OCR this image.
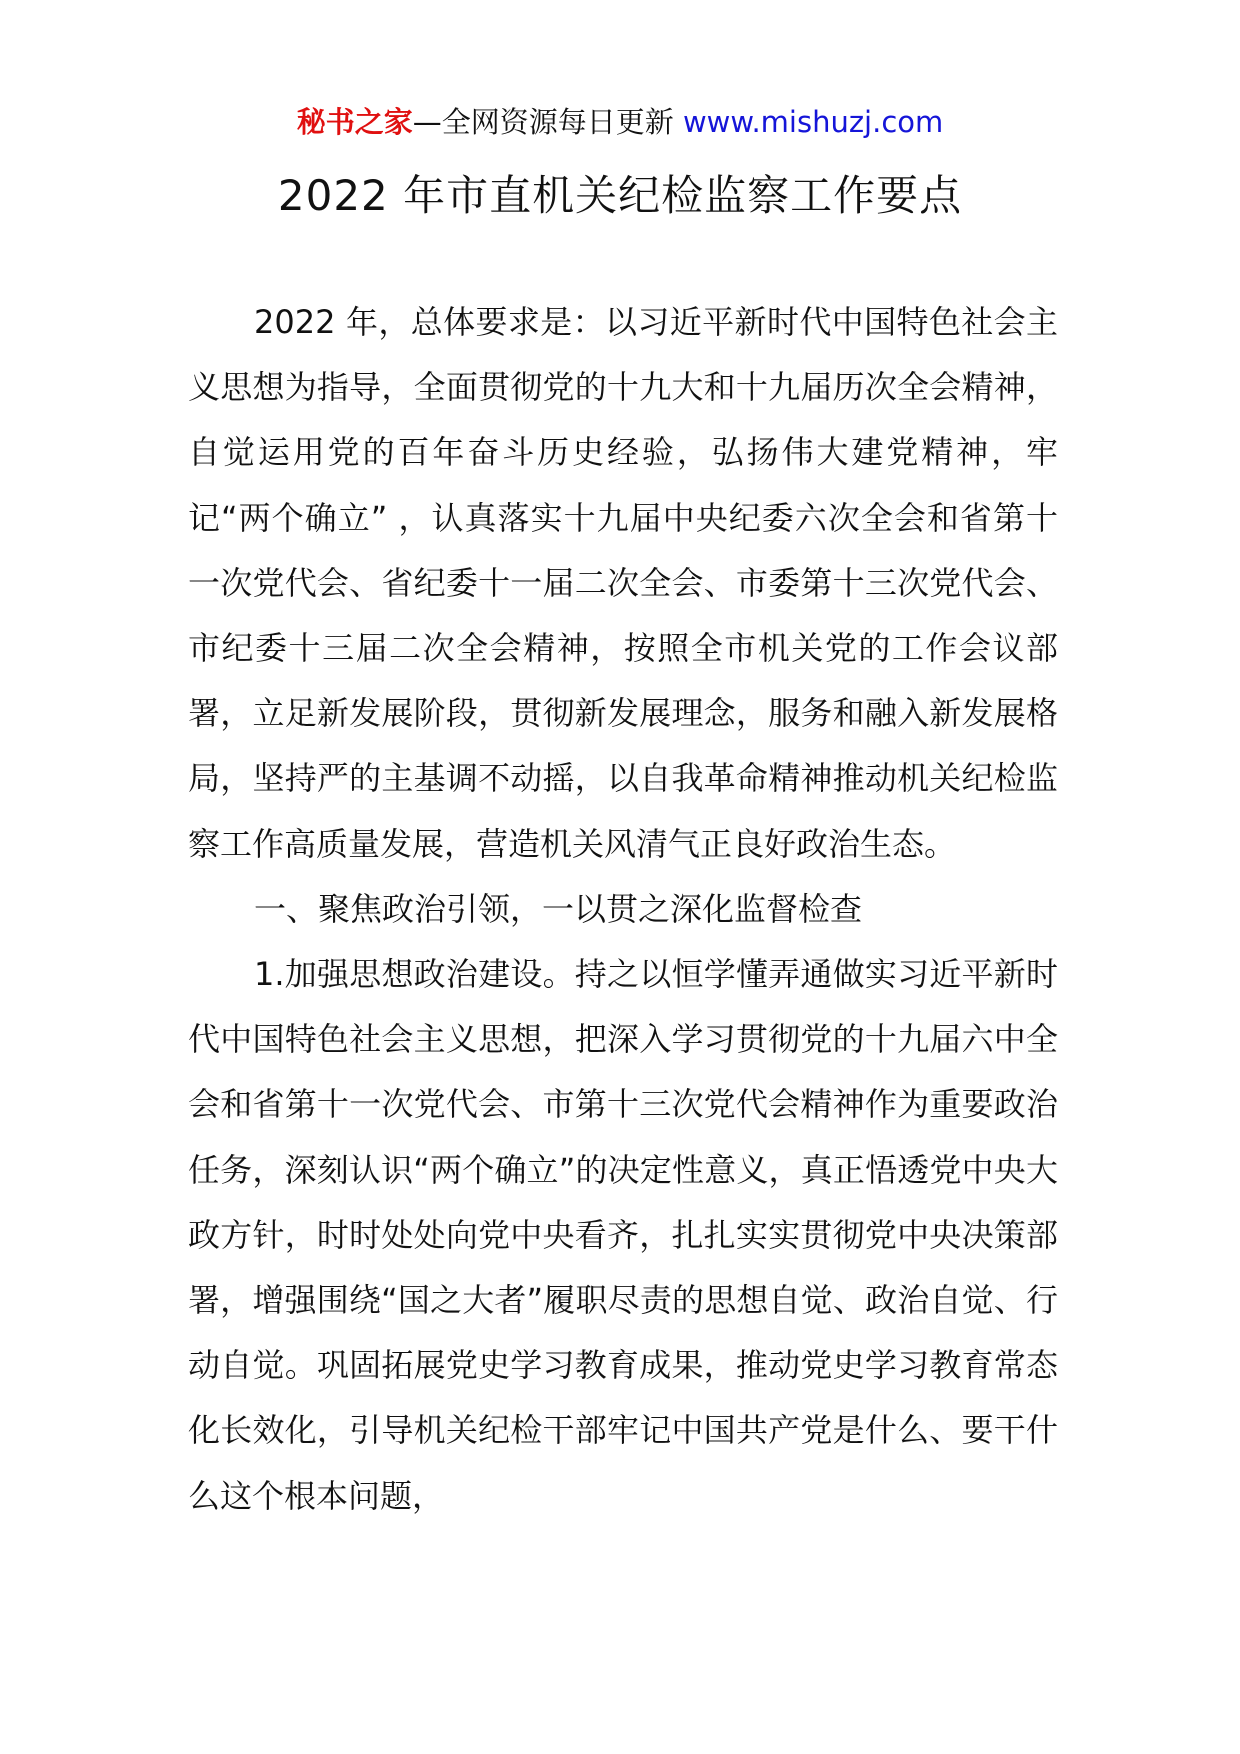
秘书之家—全网资源每日更新 www.mishuzj.com
2022 年市直机关纪检监察工作要点

2022 年，总体要求是：以习近平新时代中国特色社会主义思想为指导，全面贯彻党的十九大和十九届历次全会精神，自觉运用党的百年奋斗历史经验，弘扬伟大建党精神，牢记“两个确立” ，认真落实十九届中央纪委六次全会和省第十一次党代会、省纪委十一届二次全会、市委第十三次党代会、市纪委十三届二次全会精神，按照全市机关党的工作会议部署，立足新发展阶段，贯彻新发展理念，服务和融入新发展格局，坚持严的主基调不动摇，以自我革命精神推动机关纪检监察工作高质量发展，营造机关风清气正良好政治生态。

一、聚焦政治引领，一以贯之深化监督检查

1.加强思想政治建设。持之以恒学懂弄通做实习近平新时代中国特色社会主义思想，把深入学习贯彻党的十九届六中全会和省第十一次党代会、市第十三次党代会精神作为重要政治任务，深刻认识“两个确立”的决定性意义，真正悟透党中央大政方针，时时处处向党中央看齐，扎扎实实贯彻党中央决策部署，增强围绕“国之大者”履职尽责的思想自觉、政治自觉、行动自觉。巩固拓展党史学习教育成果，推动党史学习教育常态化长效化，引导机关纪检干部牢记中国共产党是什么、要干什么这个根本问题，
